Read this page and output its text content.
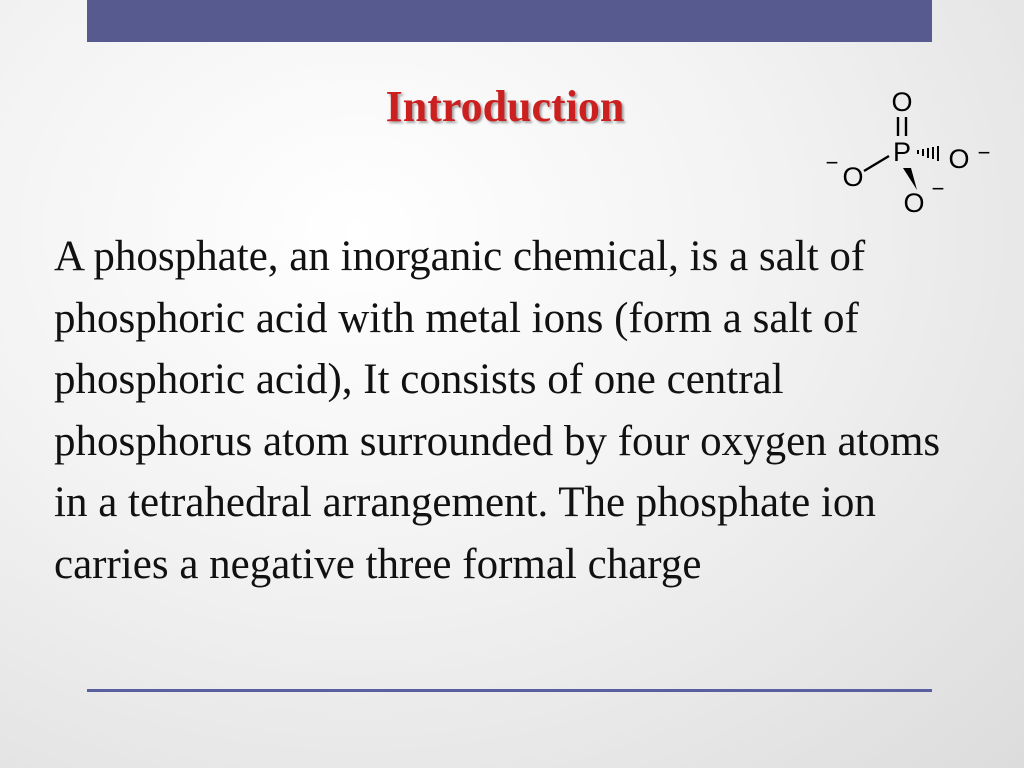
Introduction	O
P
− O
O −
O −

A phosphate, an inorganic chemical, is a salt of phosphoric acid with metal ions (form a salt of phosphoric acid), It consists of one central phosphorus atom surrounded by four oxygen atoms in a tetrahedral arrangement. The phosphate ion carries a negative three formal charge
